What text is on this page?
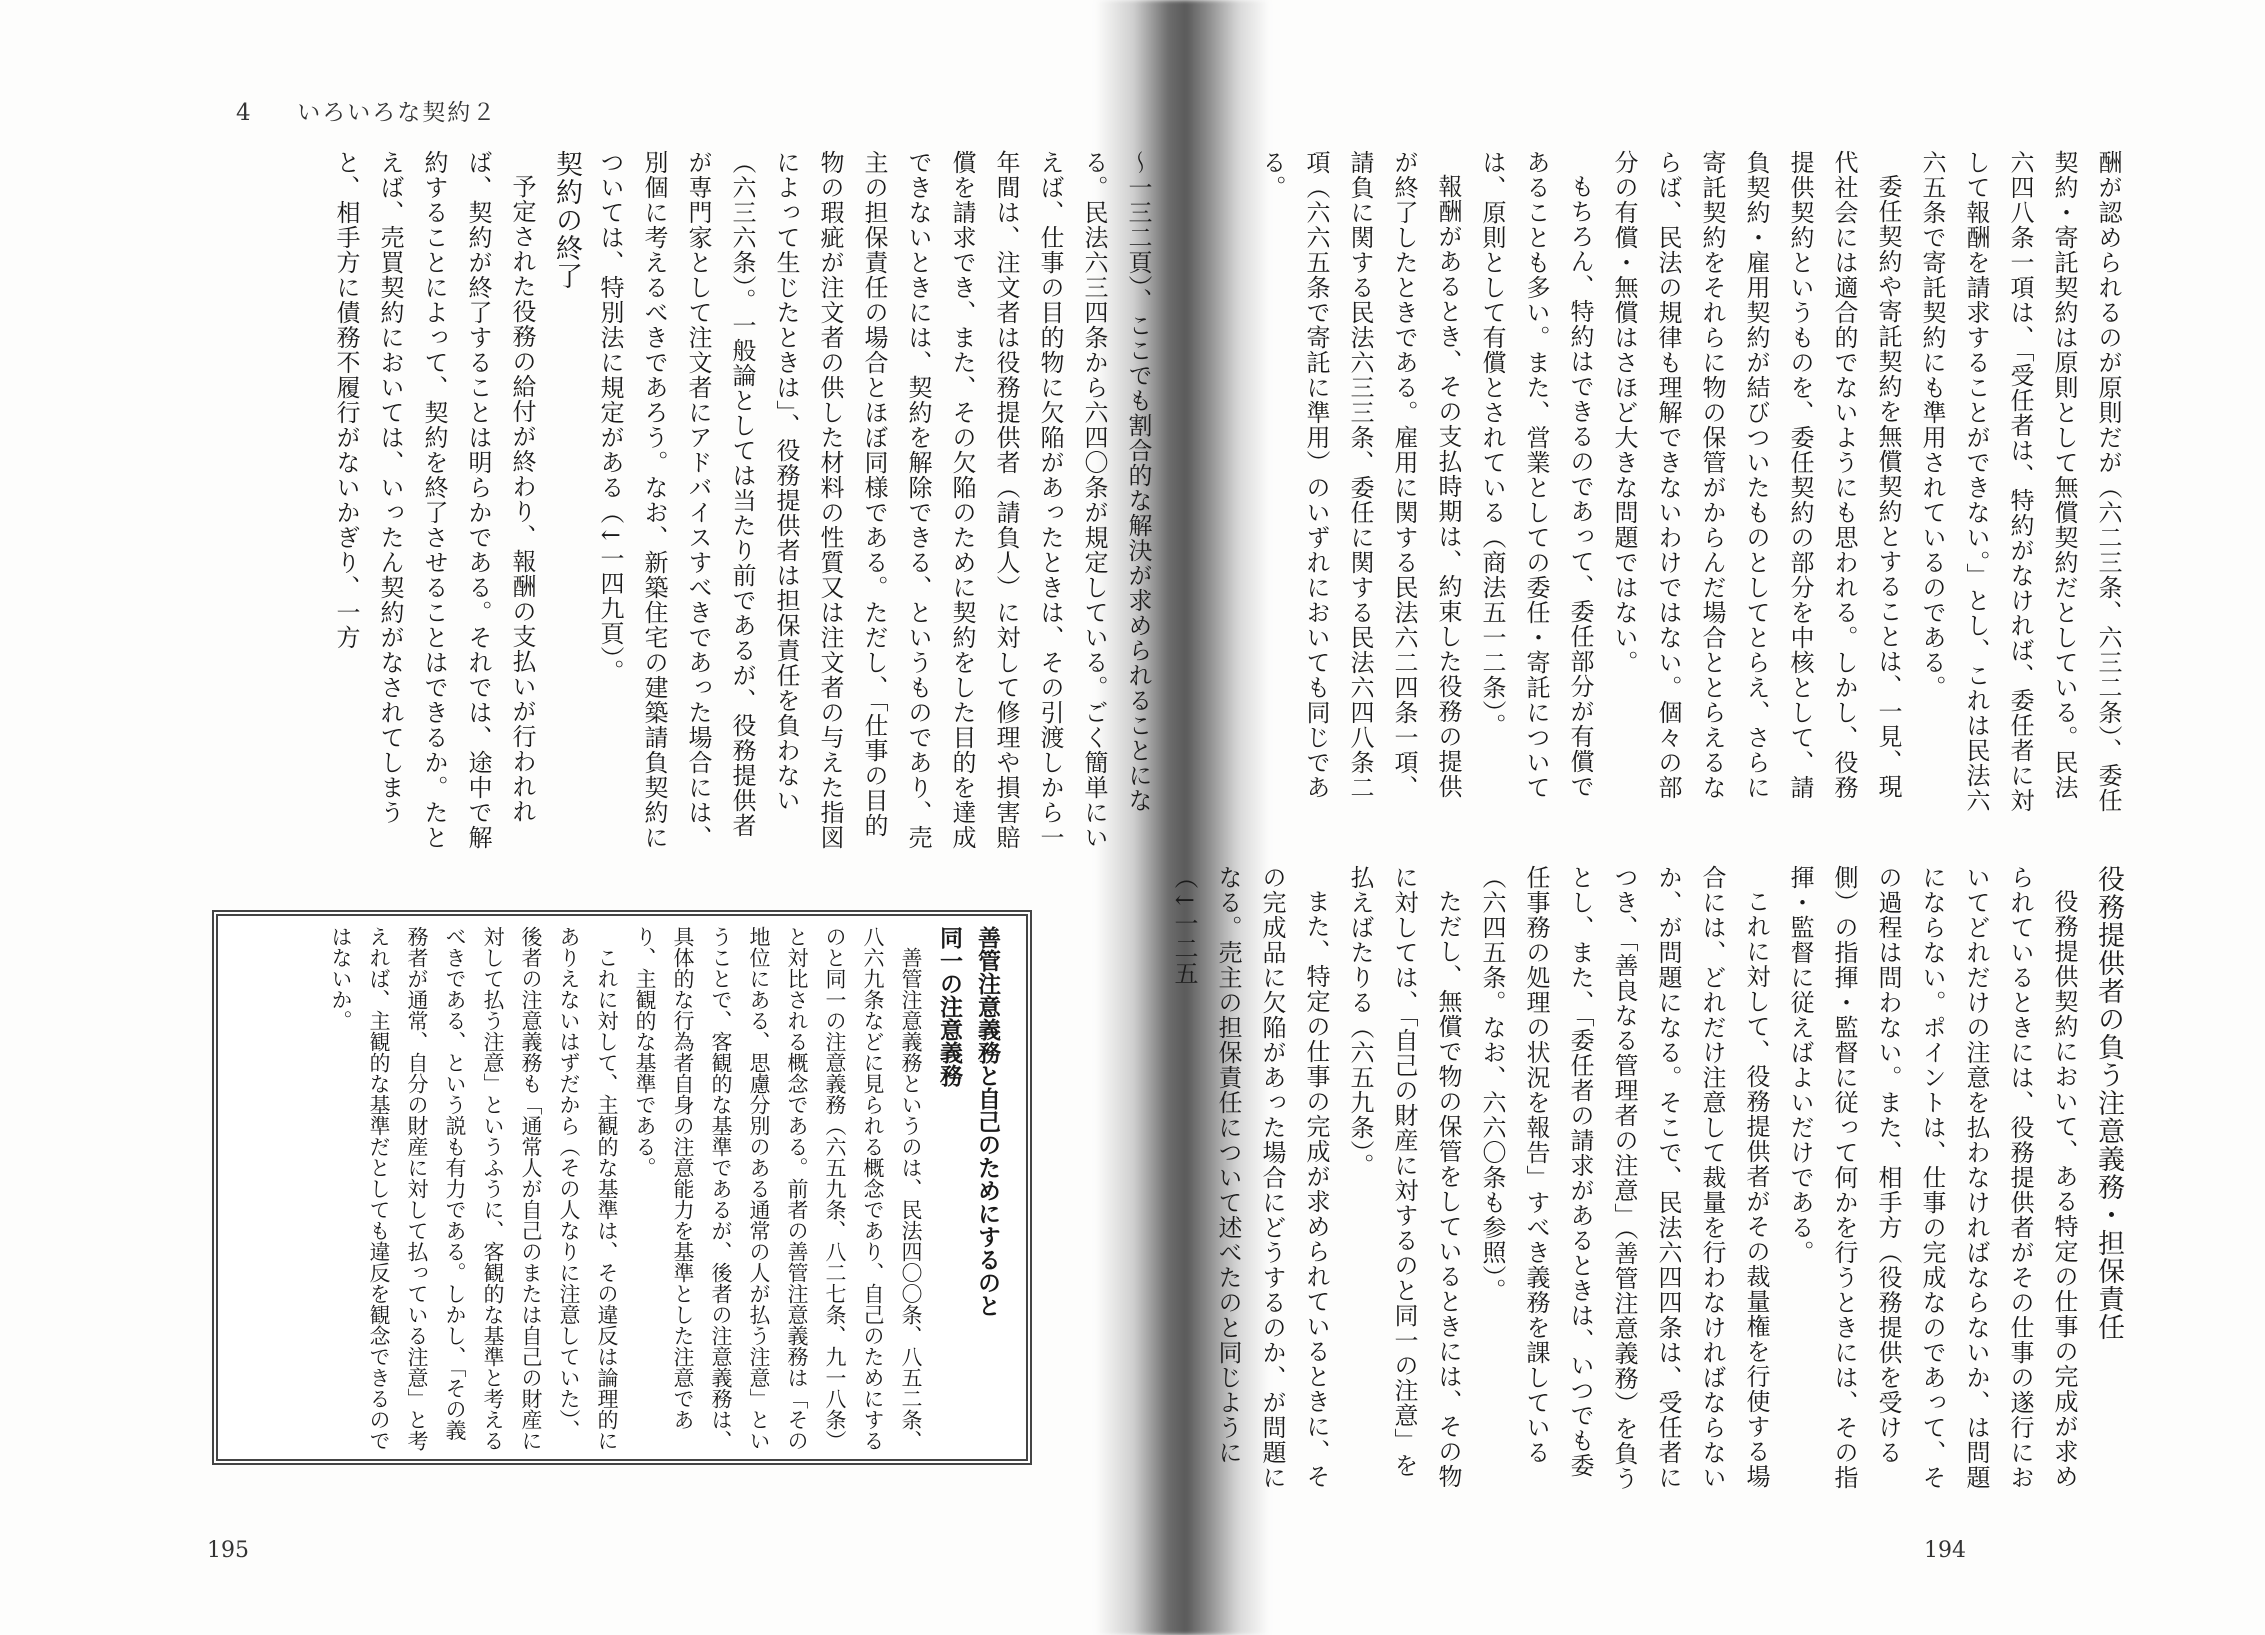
4 いろいろな契約２

～一三二頁）、ここでも割合的な解決が求められることになる。民法六三四条から六四〇条が規定している。ごく簡単にいえば、仕事の目的物に欠陥があったときは、その引渡しから一年間は、注文者は役務提供者（請負人）に対して修理や損害賠償を請求でき、また、その欠陥のために契約をした目的を達成できないときには、契約を解除できる、というものであり、売主の担保責任の場合とほぼ同様である。ただし、「仕事の目的物の瑕疵が注文者の供した材料の性質又は注文者の与えた指図によって生じたときは」、役務提供者は担保責任を負わない（六三六条）。一般論としては当たり前であるが、役務提供者が専門家として注文者にアドバイスすべきであった場合には、別個に考えるべきであろう。なお、新築住宅の建築請負契約については、特別法に規定がある（↓一四九頁）。

契約の終了

予定された役務の給付が終わり、報酬の支払いが行われれば、契約が終了することは明らかである。それでは、途中で解約することによって、契約を終了させることはできるか。たとえば、売買契約においては、いったん契約がなされてしまうと、相手方に債務不履行がないかぎり、一方

善管注意義務と自己のためにするのと

同一の注意義務

善管注意義務というのは、民法四〇〇条、八五二条、八六九条などに見られる概念であり、自己のためにするのと同一の注意義務（六五九条、八二七条、九一八条）と対比される概念である。前者の善管注意義務は「その地位にある、思慮分別のある通常の人が払う注意」ということで、客観的な基準であるが、後者の注意義務は、具体的な行為者自身の注意能力を基準とした注意であり、主観的な基準である。

これに対して、主観的な基準は、その違反は論理的にありえないはずだから（その人なりに注意していた）、後者の注意義務も「通常人が自己のまたは自己の財産に対して払う注意」というふうに、客観的な基準と考えるべきである、という説も有力である。しかし、「その義務者が通常、自分の財産に対して払っている注意」と考えれば、主観的な基準だとしても違反を観念できるのではないか。

195

酬が認められるのが原則だが（六二三条、六三二条）、委任契約・寄託契約は原則として無償契約だとしている。民法六四八条一項は、「受任者は、特約がなければ、委任者に対して報酬を請求することができない。」とし、これは民法六六五条で寄託契約にも準用されているのである。

委任契約や寄託契約を無償契約とすることは、一見、現代社会には適合的でないようにも思われる。しかし、役務提供契約というものを、委任契約の部分を中核として、請負契約・雇用契約が結びついたものとしてとらえ、さらに寄託契約をそれらに物の保管がからんだ場合ととらえるならば、民法の規律も理解できないわけではない。個々の部分の有償・無償はさほど大きな問題ではない。

もちろん、特約はできるのであって、委任部分が有償であることも多い。また、営業としての委任・寄託については、原則として有償とされている（商法五一二条）。

報酬があるとき、その支払時期は、約束した役務の提供が終了したときである。雇用に関する民法六二四条一項、請負に関する民法六三三条、委任に関する民法六四八条二項（六六五条で寄託に準用）のいずれにおいても同じである。

役務提供者の負う注意義務・担保責任

役務提供契約において、ある特定の仕事の完成が求められているときには、役務提供者がその仕事の遂行においてどれだけの注意を払わなければならないか、は問題にならない。ポイントは、仕事の完成なのであって、その過程は問わない。また、相手方（役務提供を受ける側）の指揮・監督に従って何かを行うときには、その指揮・監督に従えばよいだけである。

これに対して、役務提供者がその裁量権を行使する場合には、どれだけ注意して裁量を行わなければならないか、が問題になる。そこで、民法六四四条は、受任者につき、「善良なる管理者の注意」（善管注意義務）を負うとし、また、「委任者の請求があるときは、いつでも委任事務の処理の状況を報告」すべき義務を課している（六四五条。なお、六六〇条も参照）。

ただし、無償で物の保管をしているときには、その物に対しては、「自己の財産に対するのと同一の注意」を払えばたりる（六五九条）。

また、特定の仕事の完成が求められているときに、その完成品に欠陥があった場合にどうするのか、が問題になる。売主の担保責任について述べたのと同じように（↓一二五

194
